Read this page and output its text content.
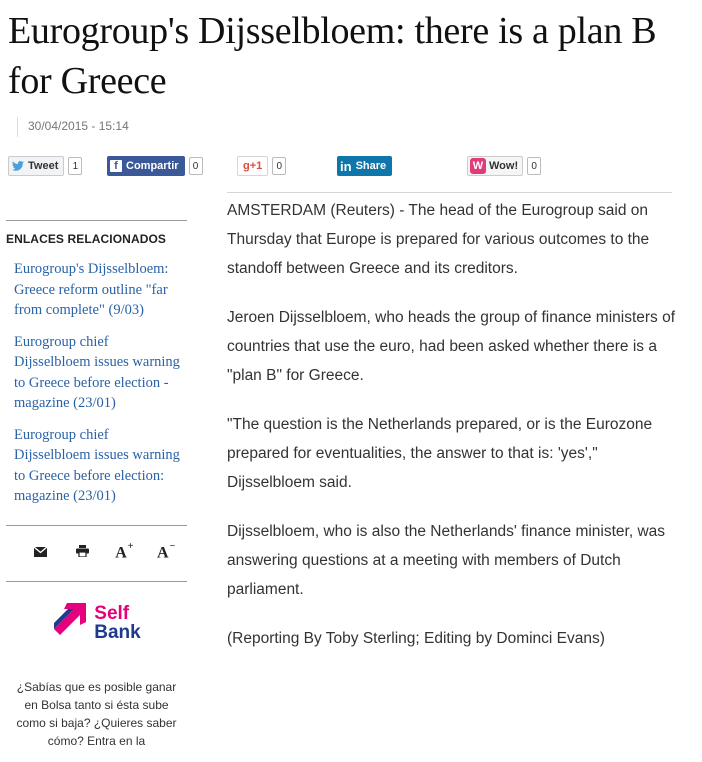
Eurogroup's Dijsselbloem: there is a plan B for Greece
30/04/2015 - 15:14
Tweet	1	f Compartir	0	g +1	0	in Share	W Wow!	0
ENLACES RELACIONADOS
Eurogroup's Dijsselbloem: Greece reform outline "far from complete" (9/03)
Eurogroup chief Dijsselbloem issues warning to Greece before election - magazine (23/01)
Eurogroup chief Dijsselbloem issues warning to Greece before election: magazine (23/01)
A+ A−
Self
Bank

¿Sabías que es posible ganar en Bolsa tanto si ésta sube como si baja? ¿Quieres saber cómo? Entra en la

AMSTERDAM (Reuters) - The head of the Eurogroup said on Thursday that Europe is prepared for various outcomes to the standoff between Greece and its creditors.

Jeroen Dijsselbloem, who heads the group of finance ministers of countries that use the euro, had been asked whether there is a "plan B" for Greece.

"The question is the Netherlands prepared, or is the Eurozone prepared for eventualities, the answer to that is: 'yes'," Dijsselbloem said.

Dijsselbloem, who is also the Netherlands' finance minister, was answering questions at a meeting with members of Dutch parliament.

(Reporting By Toby Sterling; Editing by Dominci Evans)
